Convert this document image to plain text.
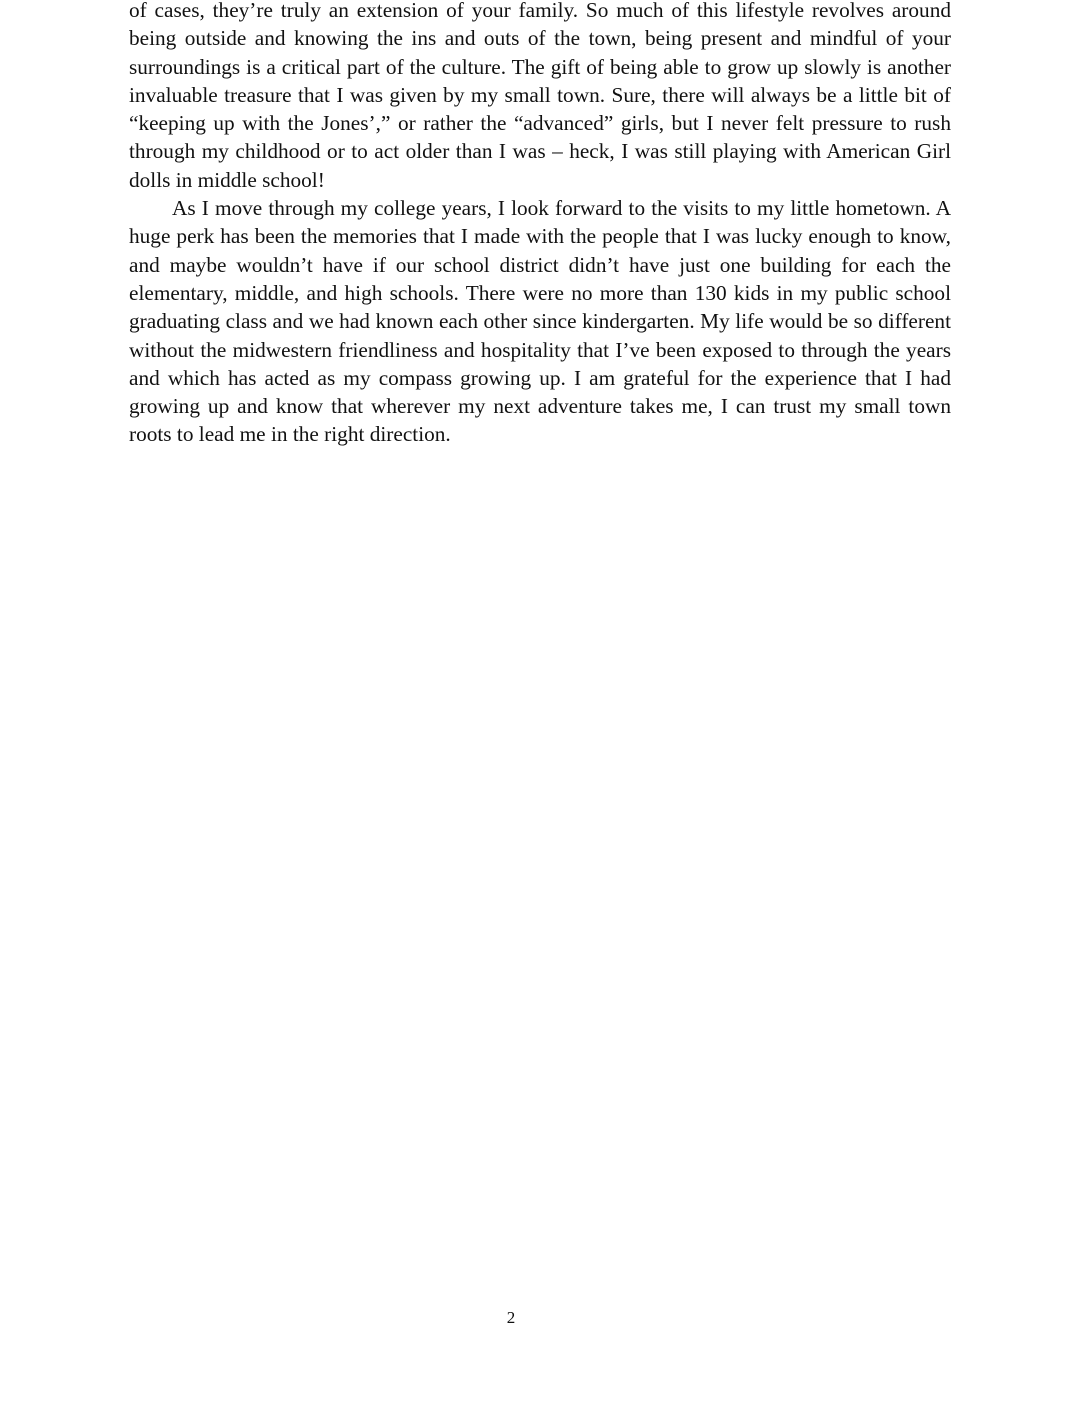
of cases, they’re truly an extension of your family. So much of this lifestyle revolves around being outside and knowing the ins and outs of the town, being present and mindful of your surroundings is a critical part of the culture. The gift of being able to grow up slowly is another invaluable treasure that I was given by my small town. Sure, there will always be a little bit of “keeping up with the Jones’,” or rather the “advanced” girls, but I never felt pressure to rush through my childhood or to act older than I was – heck, I was still playing with American Girl dolls in middle school!

As I move through my college years, I look forward to the visits to my little hometown. A huge perk has been the memories that I made with the people that I was lucky enough to know, and maybe wouldn’t have if our school district didn’t have just one building for each the elementary, middle, and high schools. There were no more than 130 kids in my public school graduating class and we had known each other since kindergarten. My life would be so different without the midwestern friendliness and hospitality that I’ve been exposed to through the years and which has acted as my compass growing up. I am grateful for the experience that I had growing up and know that wherever my next adventure takes me, I can trust my small town roots to lead me in the right direction.

2
